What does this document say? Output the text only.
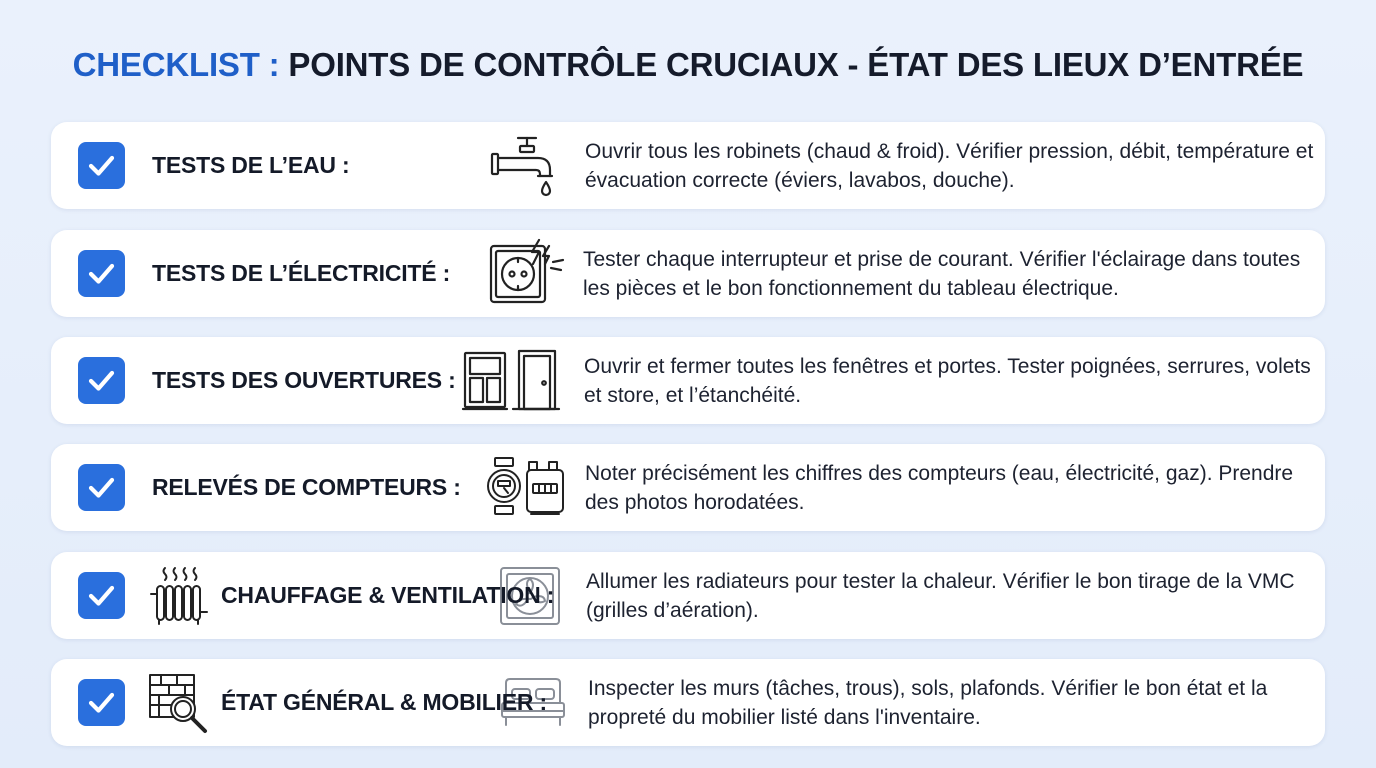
CHECKLIST : POINTS DE CONTRÔLE CRUCIAUX - ÉTAT DES LIEUX D’ENTRÉE
TESTS DE L’EAU :
Ouvrir tous les robinets (chaud & froid). Vérifier pression, débit, température et évacuation correcte (éviers, lavabos, douche).
TESTS DE L’ÉLECTRICITÉ :
Tester chaque interrupteur et prise de courant. Vérifier l'éclairage dans toutes les pièces et le bon fonctionnement du tableau électrique.
TESTS DES OUVERTURES :
Ouvrir et fermer toutes les fenêtres et portes. Tester poignées, serrures, volets et store, et l’étanchéité.
RELEVÉS DE COMPTEURS :
Noter précisément les chiffres des compteurs (eau, électricité, gaz). Prendre des photos horodatées.
CHAUFFAGE & VENTILATION :
Allumer les radiateurs pour tester la chaleur. Vérifier le bon tirage de la VMC (grilles d’aération).
ÉTAT GÉNÉRAL & MOBILIER :
Inspecter les murs (tâches, trous), sols, plafonds. Vérifier le bon état et la propreté du mobilier listé dans l'inventaire.
